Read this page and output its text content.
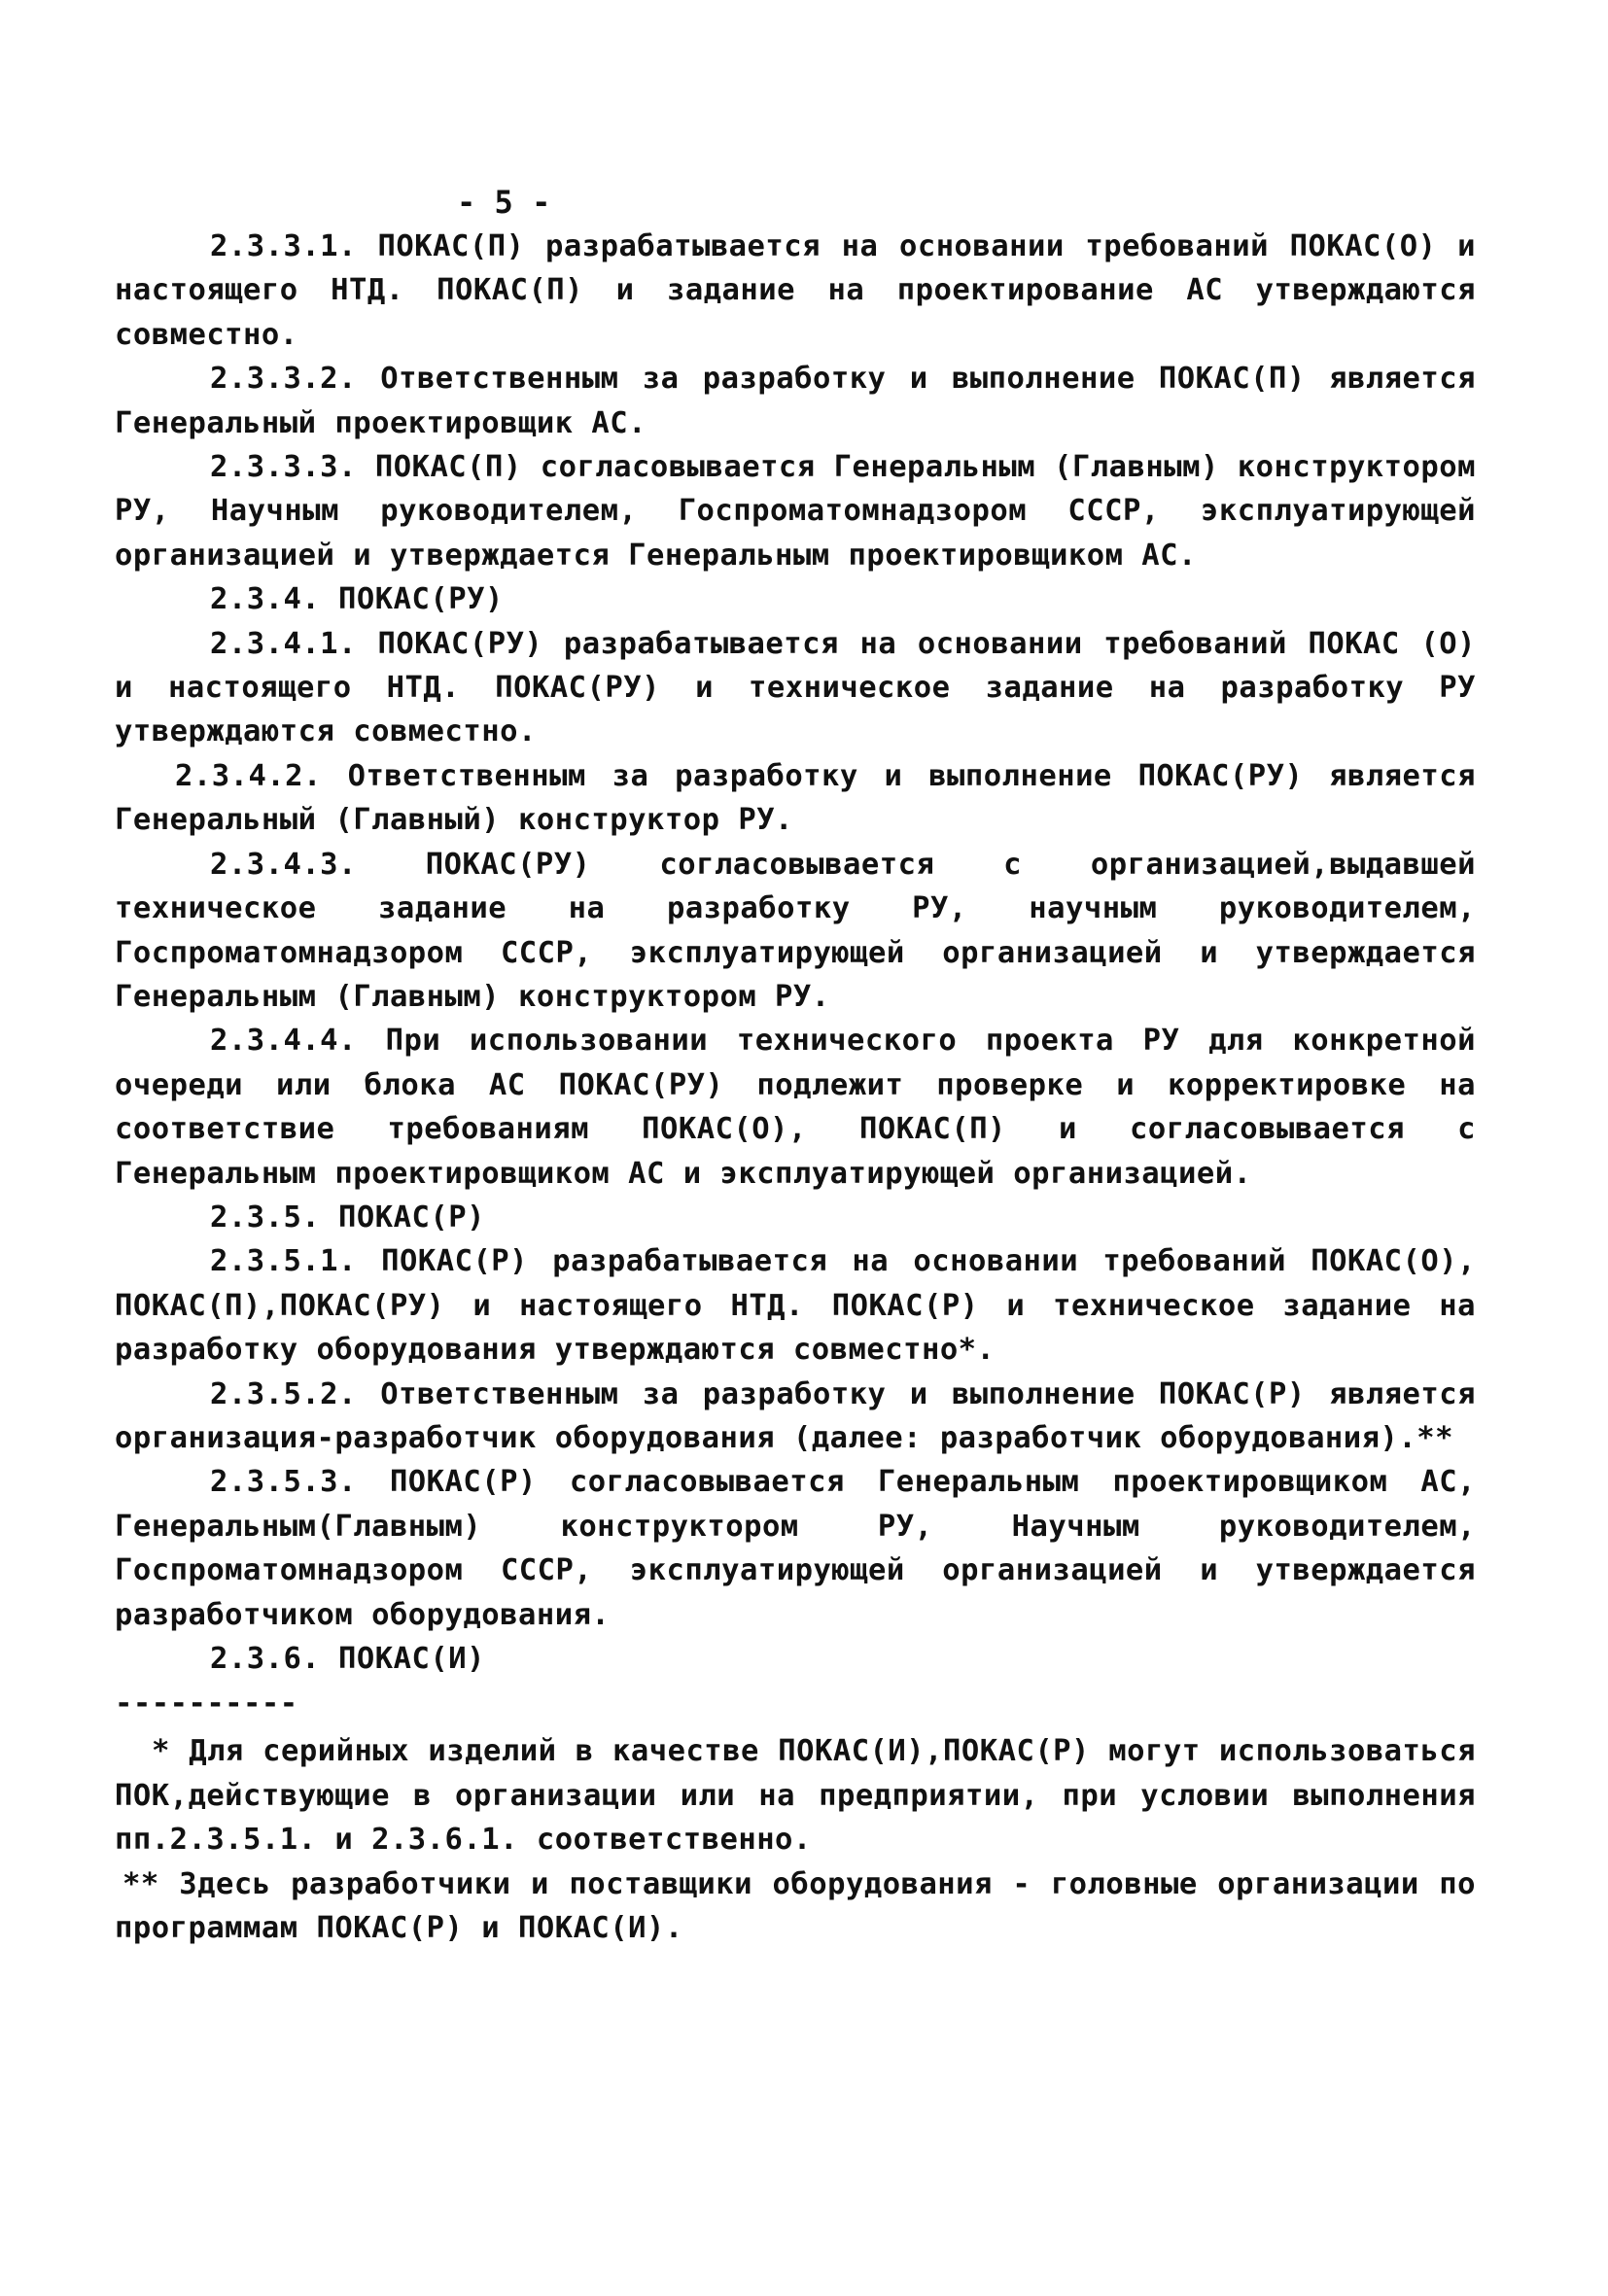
- 5 -

2.3.3.1. ПОКАС(П) разрабатывается на основании требований ПОКАС(О) и настоящего НТД. ПОКАС(П) и задание на проектирование АС утверждаются совместно.

2.3.3.2. Ответственным за разработку и выполнение ПОКАС(П) является Генеральный проектировщик АС.

2.3.3.3. ПОКАС(П) согласовывается Генеральным (Главным) конструктором РУ, Научным руководителем, Госпроматомнадзором СССР, эксплуатирующей организацией и утверждается Генеральным проектировщиком АС.

2.3.4. ПОКАС(РУ)

2.3.4.1. ПОКАС(РУ) разрабатывается на основании требований ПОКАС (О) и настоящего НТД. ПОКАС(РУ) и техническое задание на разработку РУ утверждаются совместно.

2.3.4.2. Ответственным за разработку и выполнение ПОКАС(РУ) является Генеральный (Главный) конструктор РУ.

2.3.4.3. ПОКАС(РУ) согласовывается с организацией,выдавшей техническое задание на разработку РУ, научным руководителем, Госпроматомнадзором СССР, эксплуатирующей организацией и утверждается Генеральным (Главным) конструктором РУ.

2.3.4.4. При использовании технического проекта РУ для конкретной очереди или блока АС ПОКАС(РУ) подлежит проверке и корректировке на соответствие требованиям ПОКАС(О), ПОКАС(П) и согласовывается с Генеральным проектировщиком АС и эксплуатирующей организацией.

2.3.5. ПОКАС(Р)

2.3.5.1. ПОКАС(Р) разрабатывается на основании требований ПОКАС(О), ПОКАС(П),ПОКАС(РУ) и настоящего НТД. ПОКАС(Р) и техническое задание на разработку оборудования утверждаются совместно*.

2.3.5.2. Ответственным за разработку и выполнение ПОКАС(Р) является организация-разработчик оборудования (далее: разработчик оборудования).**

2.3.5.3. ПОКАС(Р) согласовывается Генеральным проектировщиком АС, Генеральным(Главным) конструктором РУ, Научным руководителем, Госпроматомнадзором СССР, эксплуатирующей организацией и утверждается разработчиком оборудования.

2.3.6. ПОКАС(И)

----------

* Для серийных изделий в качестве ПОКАС(И),ПОКАС(Р) могут использоваться ПОК,действующие в организации или на предприятии, при условии выполнения пп.2.3.5.1. и 2.3.6.1. соответственно.

** Здесь разработчики и поставщики оборудования - головные организации по программам ПОКАС(Р) и ПОКАС(И).
